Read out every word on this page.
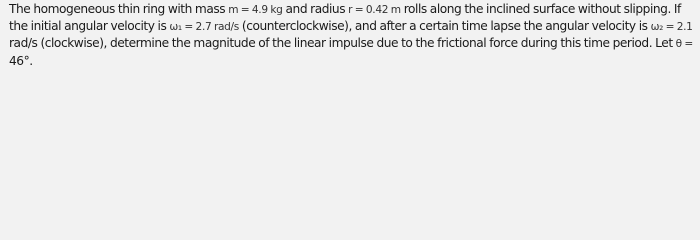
The homogeneous thin ring with mass m = 4.9 kg and radius r = 0.42 m rolls along the inclined surface without slipping. If
the initial angular velocity is ω₁ = 2.7 rad/s (counterclockwise), and after a certain time lapse the angular velocity is ω₂ = 2.1
rad/s (clockwise), determine the magnitude of the linear impulse due to the frictional force during this time period. Let θ =
46°.
